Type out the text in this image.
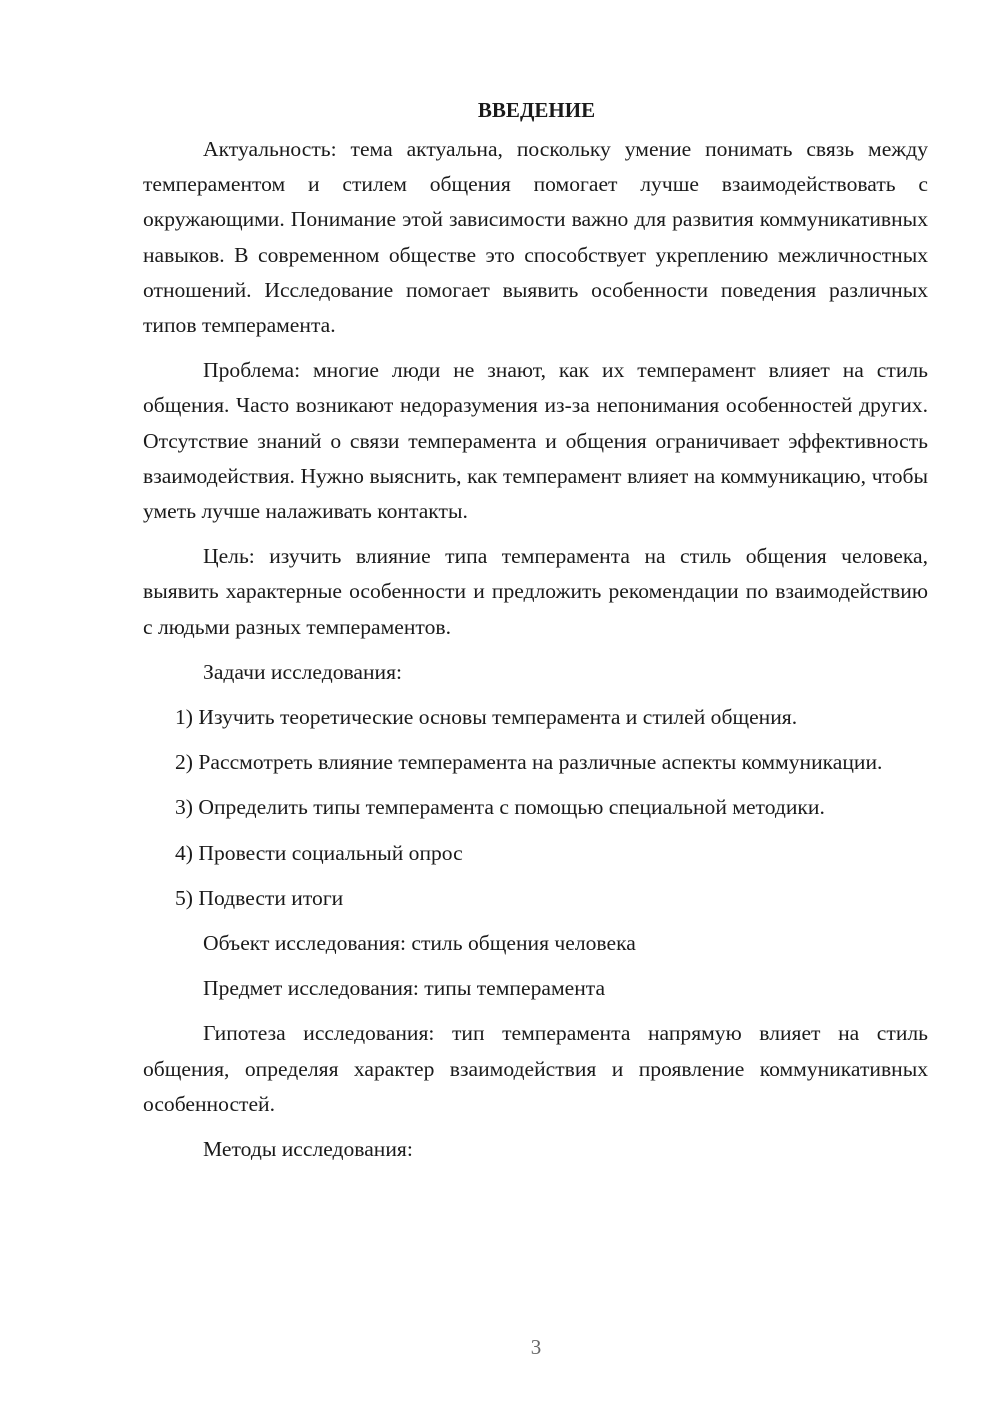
ВВЕДЕНИЕ

Актуальность: тема актуальна, поскольку умение понимать связь между темпераментом и стилем общения помогает лучше взаимодействовать с окружающими. Понимание этой зависимости важно для развития коммуникативных навыков. В современном обществе это способствует укреплению межличностных отношений. Исследование помогает выявить особенности поведения различных типов темперамента.

Проблема: многие люди не знают, как их темперамент влияет на стиль общения. Часто возникают недоразумения из-за непонимания особенностей других. Отсутствие знаний о связи темперамента и общения ограничивает эффективность взаимодействия. Нужно выяснить, как темперамент влияет на коммуникацию, чтобы уметь лучше налаживать контакты.

Цель: изучить влияние типа темперамента на стиль общения человека, выявить характерные особенности и предложить рекомендации по взаимодействию с людьми разных темпераментов.

Задачи исследования:

1) Изучить теоретические основы темперамента и стилей общения.

2) Рассмотреть влияние темперамента на различные аспекты коммуникации.

3) Определить типы темперамента с помощью специальной методики.

4) Провести социальный опрос

5) Подвести итоги

Объект исследования: стиль общения человека

Предмет исследования: типы темперамента

Гипотеза исследования: тип темперамента напрямую влияет на стиль общения, определяя характер взаимодействия и проявление коммуникативных особенностей.

Методы исследования:

3
